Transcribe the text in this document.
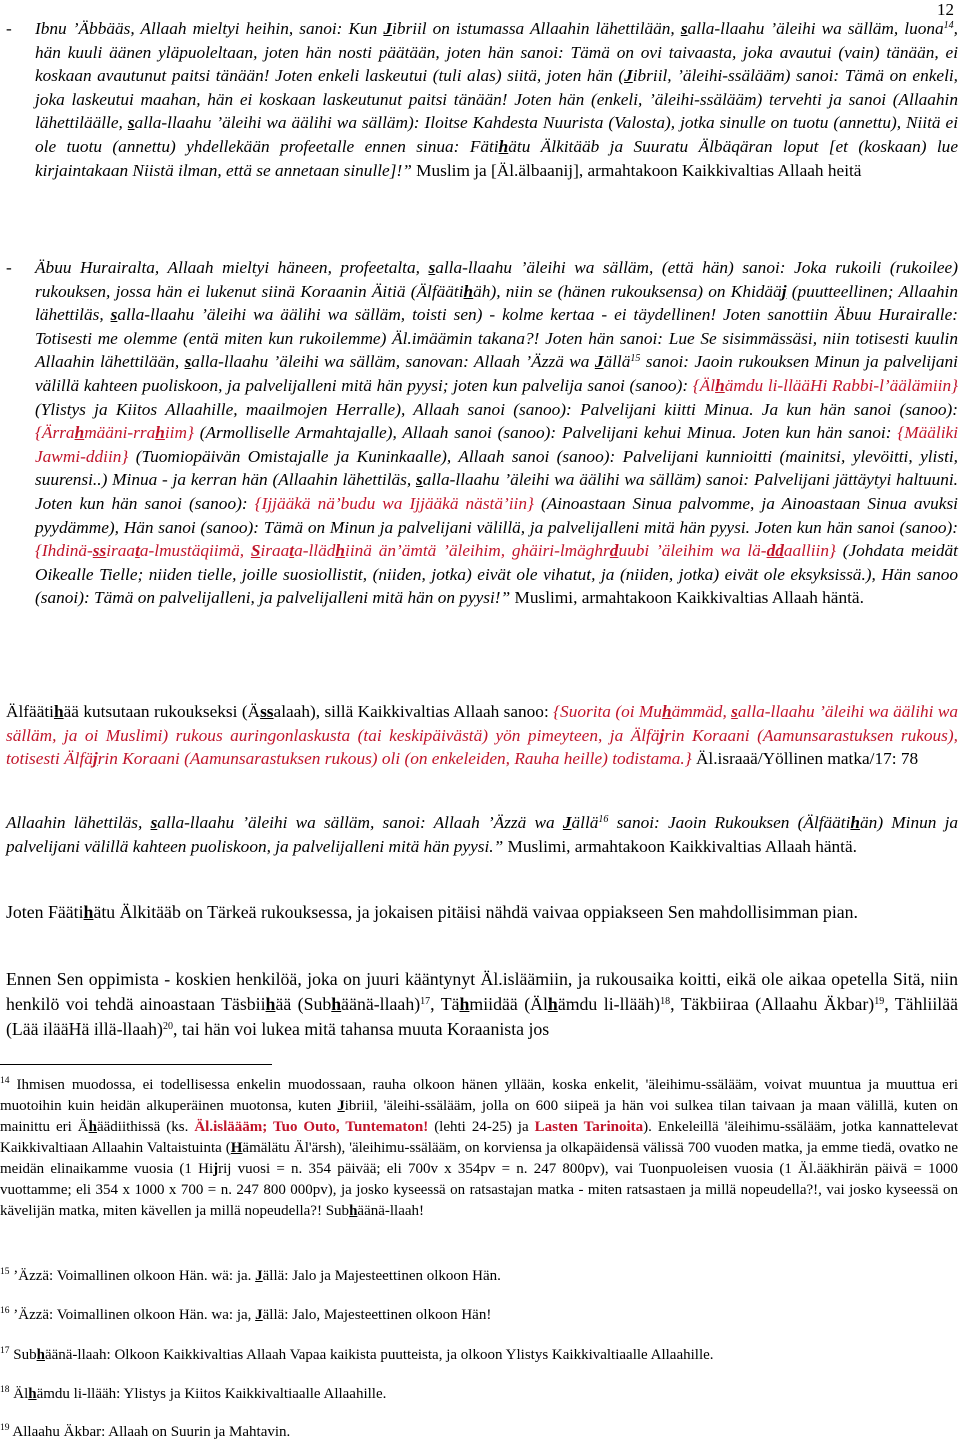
12
- Ibnu ’Äbbääs, Allaah mieltyi heihin, sanoi: Kun Jibriil on istumassa Allaahin lähettilään, salla-llaahu ’äleihi wa sälläm, luona$^{14}$, hän kuuli äänen yläpuoleltaan, joten hän nosti päätään, joten hän sanoi: Tämä on ovi taivaasta, joka avautui (vain) tänään, ei koskaan avautunut paitsi tänään! Joten enkeli laskeutui (tuli alas) siitä, joten hän (Jibriil, ’äleihi-ssälääm) sanoi: Tämä on enkeli, joka laskeutui maahan, hän ei koskaan laskeutunut paitsi tänään! Joten hän (enkeli, ’äleihi-ssälääm) tervehti ja sanoi (Allaahin lähettiläälle, salla-llaahu ’äleihi wa äälihi wa sälläm): Iloitse Kahdesta Nuurista (Valosta), jotka sinulle on tuotu (annettu), Niitä ei ole tuotu (annettu) yhdellekään profeetalle ennen sinua: Fätihätu Älkitääb ja Suuratu Älbäqäran loput [et (koskaan) lue kirjaintakaan Niistä ilman, että se annetaan sinulle]!” Muslim ja [Äl.älbaanij], armahtakoon Kaikkivaltias Allaah heitä
- Äbuu Hurairalta, Allaah mieltyi häneen, profeetalta, salla-llaahu ’äleihi wa sälläm, (että hän) sanoi: Joka rukoili (rukoilee) rukouksen, jossa hän ei lukenut siinä Koraanin Äitiä (Älfäätihäh), niin se (hänen rukouksensa) on Khidääj (puutteellinen; Allaahin lähettiläs, salla-llaahu ’äleihi wa äälihi wa sälläm, toisti sen) - kolme kertaa - ei täydellinen! Joten sanottiin Äbuu Hurairalle: Totisesti me olemme (entä miten kun rukoilemme) Äl.imäämin takana?! Joten hän sanoi: Lue Se sisimmässäsi, niin totisesti kuulin Allaahin lähettilään, salla-llaahu ’äleihi wa sälläm, sanovan: Allaah ’Äzzä wa Jällä$^{15}$ sanoi: Jaoin rukouksen Minun ja palvelijani välillä kahteen puoliskoon, ja palvelijalleni mitä hän pyysi; joten kun palvelija sanoi (sanoo): {Älhämdu li-llääHi Rabbi-l’äälämiin} (Ylistys ja Kiitos Allaahille, maailmojen Herralle), Allaah sanoi (sanoo): Palvelijani kiitti Minua. Ja kun hän sanoi (sanoo): {Ärrahmääni-rrahiim} (Armolliselle Armahtajalle), Allaah sanoi (sanoo): Palvelijani kehui Minua. Joten kun hän sanoi: {Määliki Jawmi-ddiin} (Tuomiopäivän Omistajalle ja Kuninkaalle), Allaah sanoi (sanoo): Palvelijani kunnioitti (mainitsi, ylevöitti, ylisti, suurensi..) Minua - ja kerran hän (Allaahin lähettiläs, salla-llaahu ’äleihi wa äälihi wa sälläm) sanoi: Palvelijani jättäytyi haltuuni. Joten kun hän sanoi (sanoo): {Ijjääkä nä’budu wa Ijjääkä nästä’iin} (Ainoastaan Sinua palvomme, ja Ainoastaan Sinua avuksi pyydämme), Hän sanoi (sanoo): Tämä on Minun ja palvelijani välillä, ja palvelijalleni mitä hän pyysi. Joten kun hän sanoi (sanoo): {Ihdinä-ssiraata-lmustäqiimä, Siraata-llädhiinä än’ämtä ’äleihim, ghäiri-lmäghrduubi ’äleihim wa lä-ddaalliin} (Johdata meidät Oikealle Tielle; niiden tielle, joille suosiollistit, (niiden, jotka) eivät ole vihatut, ja (niiden, jotka) eivät ole eksyksissä.), Hän sanoo (sanoi): Tämä on palvelijalleni, ja palvelijalleni mitä hän on pyysi!” Muslimi, armahtakoon Kaikkivaltias Allaah häntä.
Älfäätihää kutsutaan rukoukseksi (Ässalaah), sillä Kaikkivaltias Allaah sanoo: {Suorita (oi Muhämmäd, salla-llaahu ’äleihi wa äälihi wa sälläm, ja oi Muslimi) rukous auringonlaskusta (tai keskipäivästä) yön pimeyteen, ja Älfäjrin Koraani (Aamunsarastuksen rukous), totisesti Älfäjrin Koraani (Aamunsarastuksen rukous) oli (on enkeleiden, Rauha heille) todistama.} Äl.israaä/Yöllinen matka/17: 78
Allaahin lähettiläs, salla-llaahu ’äleihi wa sälläm, sanoi: Allaah ’Äzzä wa Jällä$^{16}$ sanoi: Jaoin Rukouksen (Älfäätihän) Minun ja palvelijani välillä kahteen puoliskoon, ja palvelijalleni mitä hän pyysi.” Muslimi, armahtakoon Kaikkivaltias Allaah häntä.
Joten Fäätihätu Älkitääb on Tärkeä rukouksessa, ja jokaisen pitäisi nähdä vaivaa oppiakseen Sen mahdollisimman pian.
Ennen Sen oppimista - koskien henkilöä, joka on juuri kääntynyt Äl.isläämiin, ja rukousaika koitti, eikä ole aikaa opetella Sitä, niin henkilö voi tehdä ainoastaan Täsbiihää (Subhäänä-llaah)$^{17}$, Tähmiidää (Älhämdu li-llääh)$^{18}$, Täkbiiraa (Allaahu Äkbar)$^{19}$, Tähliilää (Lää ilääHä illä-llaah)$^{20}$, tai hän voi lukea mitä tahansa muuta Koraanista jos
$^{14}$ Ihmisen muodossa, ei todellisessa enkelin muodossaan, rauha olkoon hänen yllään, koska enkelit, 'äleihimu-ssälääm, voivat muuntua ja muuttua eri muotoihin kuin heidän alkuperäinen muotonsa, kuten Jibriil, 'äleihi-ssälääm, jolla on 600 siipeä ja hän voi sulkea tilan taivaan ja maan välillä, kuten on mainittu eri Ähäädiithissä (ks. Äl.isläääm; Tuo Outo, Tuntematon! (lehti 24-25) ja Lasten Tarinoita). Enkeleillä 'äleihimu-ssälääm, jotka kannattelevat Kaikkivaltiaan Allaahin Valtaistuinta (Hämälätu Äl'ärsh), 'äleihimu-ssälääm, on korviensa ja olkapäidensä välissä 700 vuoden matka, ja emme tiedä, ovatko ne meidän elinaikamme vuosia (1 Hijrij vuosi = n. 354 päivää; eli 700v x 354pv = n. 247 800pv), vai Tuonpuoleisen vuosia (1 Äl.ääkhirän päivä = 1000 vuottamme; eli 354 x 1000 x 700 = n. 247 800 000pv), ja josko kyseessä on ratsastajan matka - miten ratsastaen ja millä nopeudella?!, vai josko kyseessä on kävelijän matka, miten kävellen ja millä nopeudella?! Subhäänä-llaah!
$^{15}$ ’Äzzä: Voimallinen olkoon Hän. wä: ja. Jällä: Jalo ja Majesteettinen olkoon Hän.
$^{16}$ ’Äzzä: Voimallinen olkoon Hän. wa: ja, Jällä: Jalo, Majesteettinen olkoon Hän!
$^{17}$ Subhäänä-llaah: Olkoon Kaikkivaltias Allaah Vapaa kaikista puutteista, ja olkoon Ylistys Kaikkivaltiaalle Allaahille.
$^{18}$ Älhämdu li-llääh: Ylistys ja Kiitos Kaikkivaltiaalle Allaahille.
$^{19}$ Allaahu Äkbar: Allaah on Suurin ja Mahtavin.
